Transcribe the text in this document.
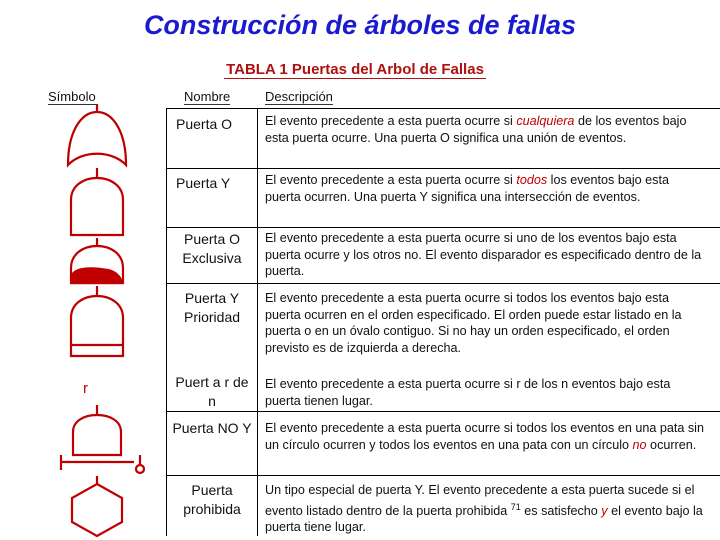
Construcción de árboles de fallas
TABLA 1 Puertas del Arbol de Fallas
Símbolo	Nombre	Descripción
Puerta O
Puerta Y
Puerta O Exclusiva
Puerta Y Prioridad
Puert a r de n
Puerta NO Y
Puerta prohibida
El evento precedente a esta puerta ocurre si cualquiera de los eventos bajo esta puerta ocurre. Una puerta O significa una unión de eventos.
El evento precedente a esta puerta ocurre si todos los eventos bajo esta puerta ocurren. Una puerta Y significa una intersección de eventos.
El evento precedente a esta puerta ocurre si uno de los eventos bajo esta puerta ocurre y los otros no. El evento disparador es especificado dentro de la puerta.
El evento precedente a esta puerta ocurre si todos los eventos bajo esta puerta ocurren en el orden especificado. El orden puede estar listado en la puerta o en un óvalo contiguo. Si no hay un orden especificado, el orden previsto es de izquierda a derecha.
El evento precedente a esta puerta ocurre si r de los n eventos bajo esta puerta tienen lugar.
El evento precedente a esta puerta ocurre si todos los eventos en una pata sin un círculo ocurren y todos los eventos en una pata con un círculo no ocurren.
Un tipo especial de puerta Y. El evento precedente a esta puerta sucede si el evento listado dentro de la puerta prohibida $^{71}$ es satisfecho y el evento bajo la puerta tiene lugar.
r
